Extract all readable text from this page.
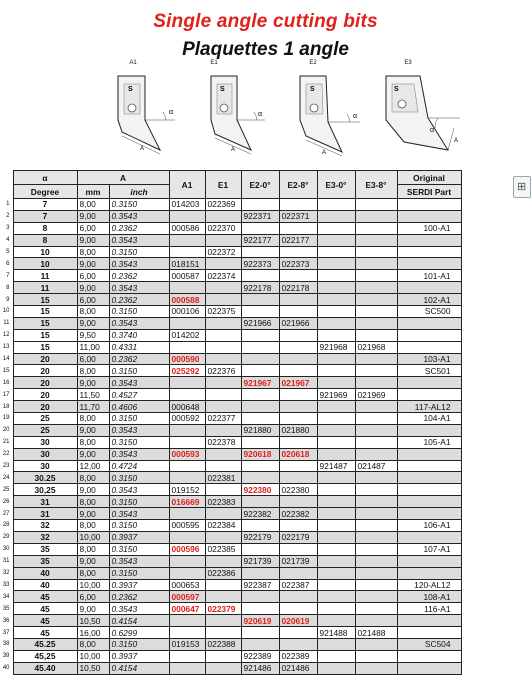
Single angle cutting bits
Plaquettes 1 angle
S
α
A
A1
S
α
A
E1
S
α
A
E2
S
α
A
E3
⊞
	α	A		A1	E1	E2-0°	E2-8°	E3-0°	E3-8°	Original
	Degree	mm	inch							SERDI Part
1	7	8,00	0.3150	014203	022369					
2	7	9,00	0.3543			922371	022371			
3	8	6,00	0.2362	000586	022370					100-A1
4	8	9,00	0.3543			922177	022177			
5	10	8,00	0.3150		022372					
6	10	9,00	0.3543	018151		922373	022373			
7	11	6,00	0.2362	000587	022374					101-A1
8	11	9,00	0.3543			922178	022178			
9	15	6,00	0.2362	000588						102-A1
10	15	8,00	0.3150	000106	022375					SC500
11	15	9,00	0.3543			921966	021966			
12	15	9,50	0.3740	014202						
13	15	11,00	0.4331					921968	021968	
14	20	6,00	0.2362	000590						103-A1
15	20	8,00	0.3150	025292	022376					SC501
16	20	9,00	0.3543			921967	021967			
17	20	11,50	0.4527					921969	021969	
18	20	11,70	0.4606	000648						117-AL12
19	25	8,00	0.3150	000592	022377					104-A1
20	25	9,00	0.3543			921880	021880			
21	30	8,00	0.3150		022378					105-A1
22	30	9,00	0.3543	000593		920618	020618			
23	30	12,00	0.4724					921487	021487	
24	30.25	8,00	0.3150		022381					
25	30,25	9,00	0.3543	019152		922380	022380			
26	31	8,00	0.3150	016669	022383					
27	31	9,00	0.3543			922382	022382			
28	32	8,00	0.3150	000595	022384					106-A1
29	32	10,00	0.3937			922179	022179			
30	35	8,00	0.3150	000596	022385					107-A1
31	35	9,00	0.3543			921739	021739			
32	40	8,00	0.3150		022386					
33	40	10,00	0.3937	000653		922387	022387			120-AL12
34	45	6,00	0.2362	000597						108-A1
35	45	9,00	0.3543	000647	022379					116-A1
36	45	10,50	0.4154			920619	020619			
37	45	16,00	0.6299					921488	021488	
38	45.25	8,00	0.3150	019153	022388					SC504
39	45,25	10,00	0.3937			922389	022389			
40	45.40	10,50	0.4154			921486	021486			
